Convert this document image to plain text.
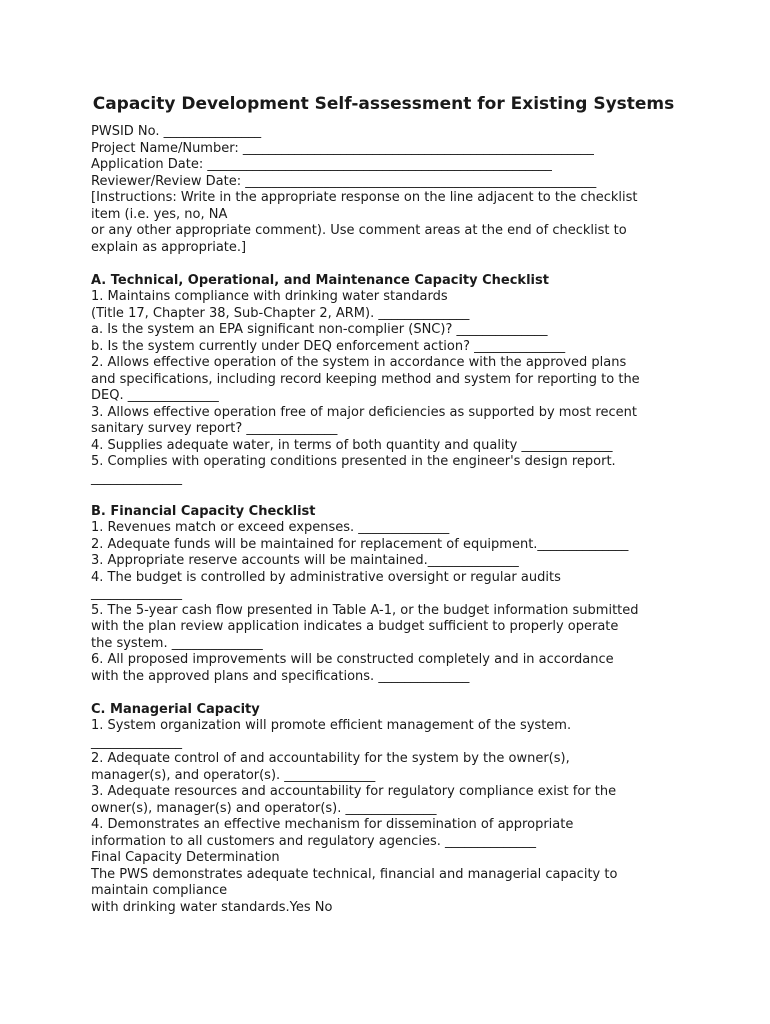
Capacity Development Self-assessment for Existing Systems
PWSID No. _______________
Project Name/Number: ______________________________________________________
Application Date: _____________________________________________________
Reviewer/Review Date: ______________________________________________________
[Instructions: Write in the appropriate response on the line adjacent to the checklist
item (i.e. yes, no, NA
or any other appropriate comment). Use comment areas at the end of checklist to
explain as appropriate.]
A. Technical, Operational, and Maintenance Capacity Checklist
1. Maintains compliance with drinking water standards
(Title 17, Chapter 38, Sub-Chapter 2, ARM). ______________
a. Is the system an EPA significant non-complier (SNC)? ______________
b. Is the system currently under DEQ enforcement action? ______________
2. Allows effective operation of the system in accordance with the approved plans
and specifications, including record keeping method and system for reporting to the
DEQ. ______________
3. Allows effective operation free of major deficiencies as supported by most recent
sanitary survey report? ______________
4. Supplies adequate water, in terms of both quantity and quality ______________
5. Complies with operating conditions presented in the engineer's design report.
______________
B. Financial Capacity Checklist
1. Revenues match or exceed expenses. ______________
2. Adequate funds will be maintained for replacement of equipment.______________
3. Appropriate reserve accounts will be maintained.______________
4. The budget is controlled by administrative oversight or regular audits
______________
5. The 5-year cash flow presented in Table A-1, or the budget information submitted
with the plan review application indicates a budget sufficient to properly operate
the system. ______________
6. All proposed improvements will be constructed completely and in accordance
with the approved plans and specifications. ______________
C. Managerial Capacity
1. System organization will promote efficient management of the system.
______________
2. Adequate control of and accountability for the system by the owner(s),
manager(s), and operator(s). ______________
3. Adequate resources and accountability for regulatory compliance exist for the
owner(s), manager(s) and operator(s). ______________
4. Demonstrates an effective mechanism for dissemination of appropriate
information to all customers and regulatory agencies. ______________
Final Capacity Determination
The PWS demonstrates adequate technical, financial and managerial capacity to
maintain compliance
with drinking water standards.Yes No
